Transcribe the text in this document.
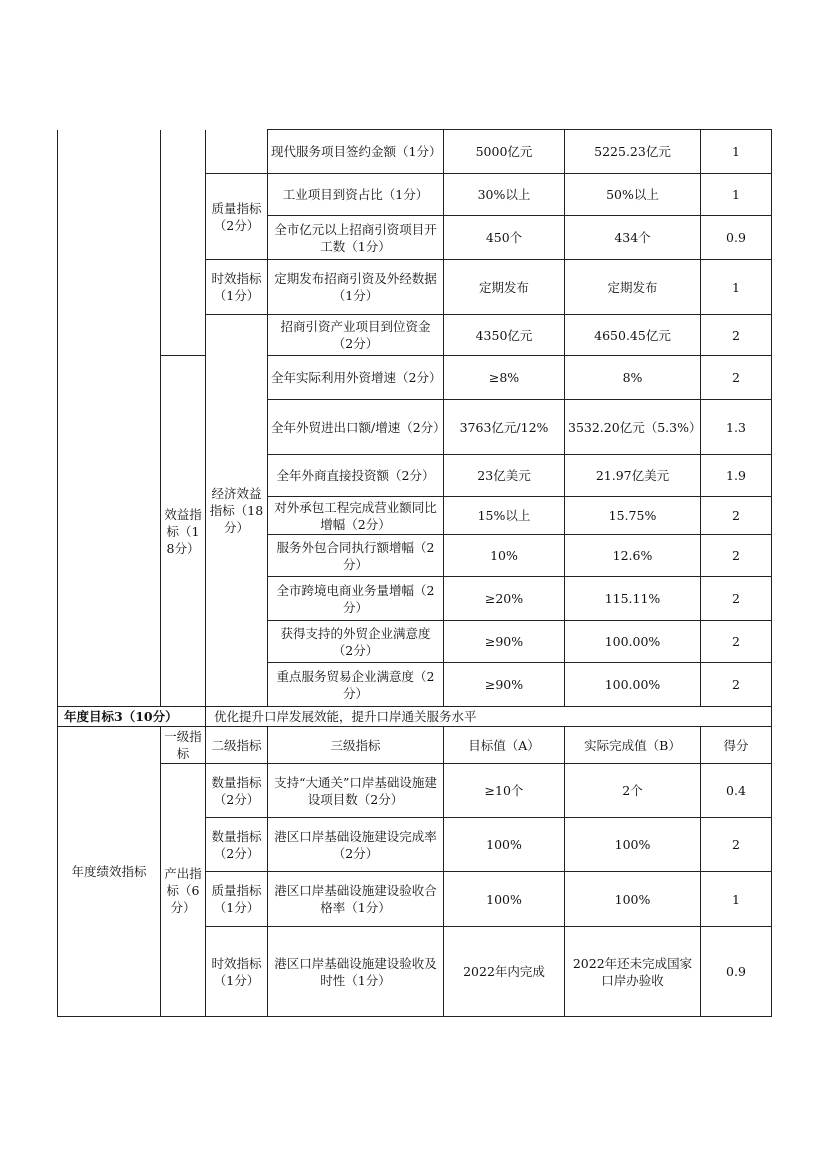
			现代服务项目签约金额（1分）	5000亿元	5225.23亿元	1
		质量指标（2分）	工业项目到资占比（1分）	30%以上	50%以上	1
			全市亿元以上招商引资项目开工数（1分）	450个	434个	0.9
		时效指标（1分）	定期发布招商引资及外经数据（1分）	定期发布	定期发布	1
		经济效益指标（18分）	招商引资产业项目到位资金（2分）	4350亿元	4650.45亿元	2
	效益指标（18分）		全年实际利用外资增速（2分）	≥8%	8%	2
			全年外贸进出口额/增速（2分）	3763亿元/12%	3532.20亿元（5.3%）	1.3
			全年外商直接投资额（2分）	23亿美元	21.97亿美元	1.9
			对外承包工程完成营业额同比增幅（2分）	15%以上	15.75%	2
			服务外包合同执行额增幅（2分）	10%	12.6%	2
			全市跨境电商业务量增幅（2分）	≥20%	115.11%	2
			获得支持的外贸企业满意度（2分）	≥90%	100.00%	2
			重点服务贸易企业满意度（2分）	≥90%	100.00%	2
年度目标3（10分）		优化提升口岸发展效能，提升口岸通关服务水平				
年度绩效指标	一级指标	二级指标	三级指标	目标值（A）	实际完成值（B）	得分
	产出指标（6分）	数量指标（2分）	支持“大通关”口岸基础设施建设项目数（2分）	≥10个	2个	0.4
		数量指标（2分）	港区口岸基础设施建设完成率（2分）	100%	100%	2
		质量指标（1分）	港区口岸基础设施建设验收合格率（1分）	100%	100%	1
		时效指标（1分）	港区口岸基础设施建设验收及时性（1分）	2022年内完成	2022年还未完成国家口岸办验收	0.9
